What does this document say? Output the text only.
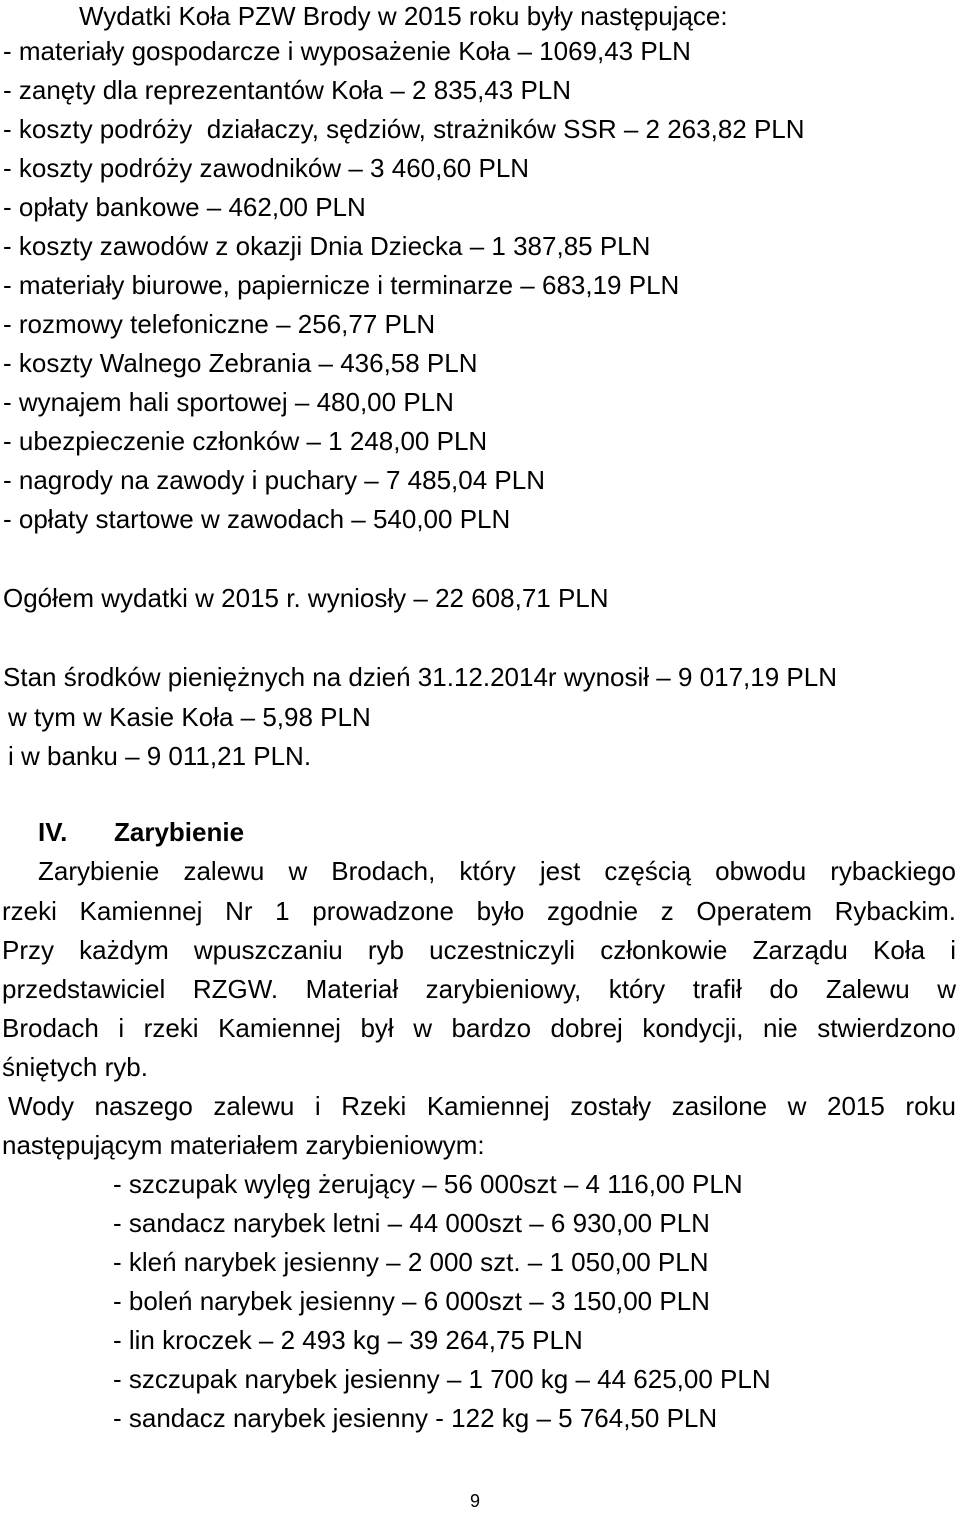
Wydatki Koła PZW Brody w 2015 roku były następujące:
- materiały gospodarcze i wyposażenie Koła – 1069,43 PLN
- zanęty dla reprezentantów Koła – 2 835,43 PLN
- koszty podróży  działaczy, sędziów, strażników SSR – 2 263,82 PLN
- koszty podróży zawodników – 3 460,60 PLN
- opłaty bankowe – 462,00 PLN
- koszty zawodów z okazji Dnia Dziecka – 1 387,85 PLN
- materiały biurowe, papiernicze i terminarze – 683,19 PLN
- rozmowy telefoniczne – 256,77 PLN
- koszty Walnego Zebrania – 436,58 PLN
- wynajem hali sportowej – 480,00 PLN
- ubezpieczenie członków – 1 248,00 PLN
- nagrody na zawody i puchary – 7 485,04 PLN
- opłaty startowe w zawodach – 540,00 PLN
Ogółem wydatki w 2015 r. wyniosły – 22 608,71 PLN
Stan środków pieniężnych na dzień 31.12.2014r wynosił – 9 017,19 PLN
w tym w Kasie Koła – 5,98 PLN
i w banku – 9 011,21 PLN.
IV. Zarybienie
Zarybienie zalewu w Brodach, który jest częścią obwodu rybackiego
rzeki Kamiennej Nr 1 prowadzone było zgodnie z Operatem Rybackim.
Przy każdym wpuszczaniu ryb uczestniczyli członkowie Zarządu Koła i
przedstawiciel RZGW. Materiał zarybieniowy, który trafił do Zalewu w
Brodach i rzeki Kamiennej był w bardzo dobrej kondycji, nie stwierdzono
śniętych ryb.
Wody naszego zalewu i Rzeki Kamiennej zostały zasilone w 2015 roku
następującym materiałem zarybieniowym:
- szczupak wylęg żerujący – 56 000szt – 4 116,00 PLN
- sandacz narybek letni – 44 000szt – 6 930,00 PLN
- kleń narybek jesienny – 2 000 szt. – 1 050,00 PLN
- boleń narybek jesienny – 6 000szt – 3 150,00 PLN
- lin kroczek – 2 493 kg – 39 264,75 PLN
- szczupak narybek jesienny – 1 700 kg – 44 625,00 PLN
- sandacz narybek jesienny - 122 kg – 5 764,50 PLN
9
